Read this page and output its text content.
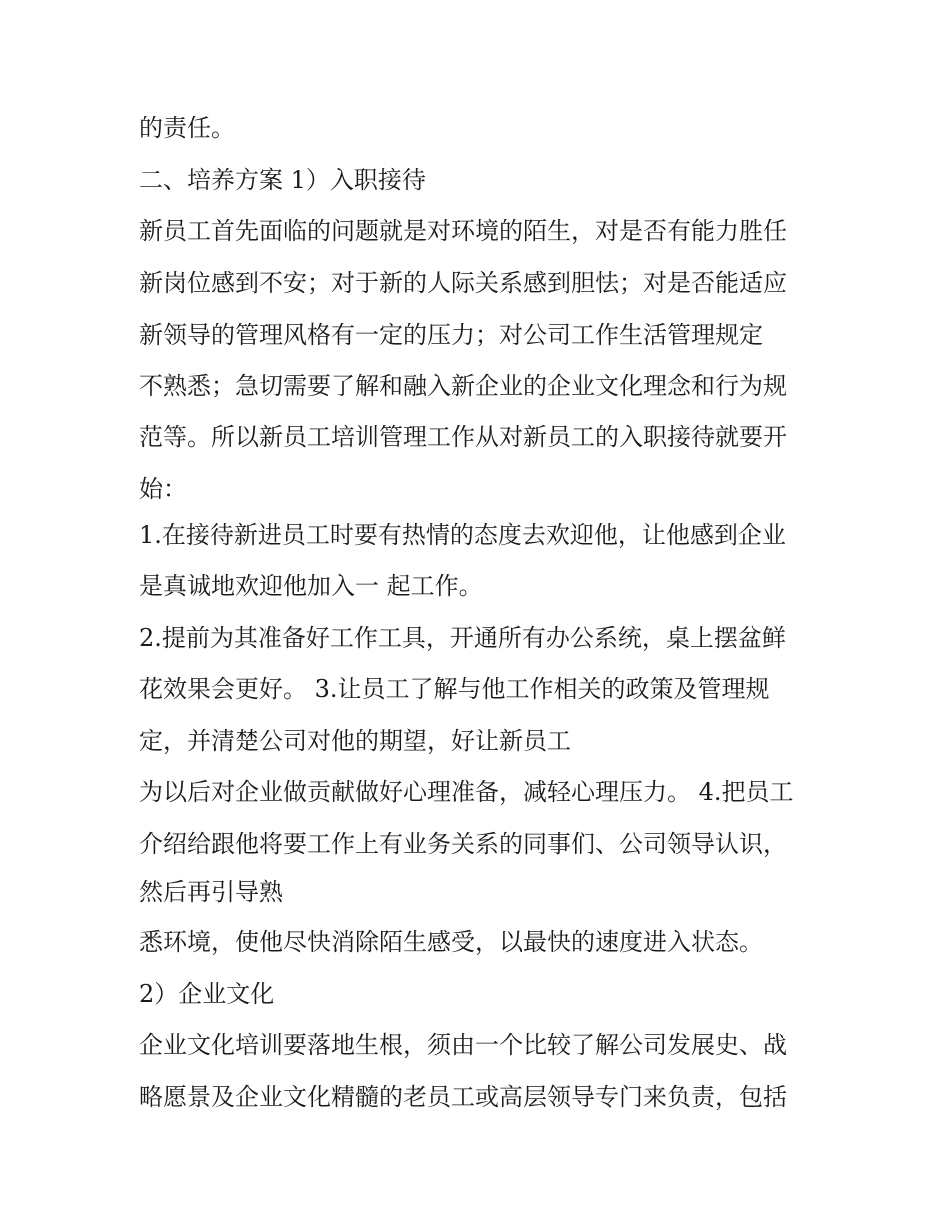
的责任。

二、培养方案 1）入职接待

新员工首先面临的问题就是对环境的陌生，对是否有能力胜任

新岗位感到不安；对于新的人际关系感到胆怯；对是否能适应

新领导的管理风格有一定的压力；对公司工作生活管理规定

不熟悉；急切需要了解和融入新企业的企业文化理念和行为规

范等。所以新员工培训管理工作从对新员工的入职接待就要开

始：

1.在接待新进员工时要有热情的态度去欢迎他，让他感到企业

是真诚地欢迎他加入一 起工作。

2.提前为其准备好工作工具，开通所有办公系统，桌上摆盆鲜

花效果会更好。 3.让员工了解与他工作相关的政策及管理规

定，并清楚公司对他的期望，好让新员工

为以后对企业做贡献做好心理准备，减轻心理压力。 4.把员工

介绍给跟他将要工作上有业务关系的同事们、公司领导认识，

然后再引导熟

悉环境，使他尽快消除陌生感受，以最快的速度进入状态。

2）企业文化

企业文化培训要落地生根，须由一个比较了解公司发展史、战

略愿景及企业文化精髓的老员工或高层领导专门来负责，包括
